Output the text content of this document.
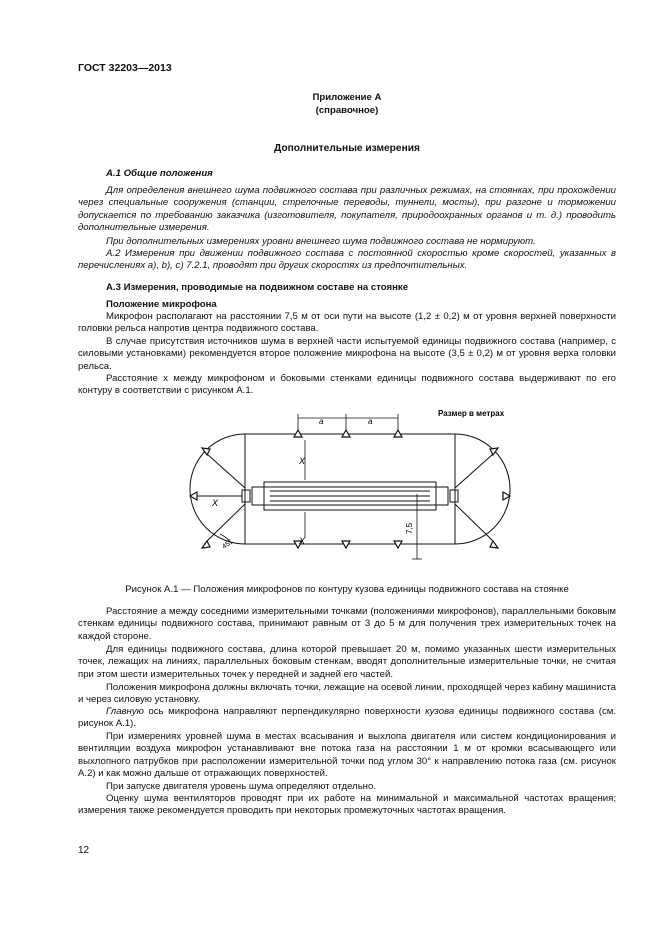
ГОСТ 32203—2013
Приложение А
(справочное)
Дополнительные измерения
А.1 Общие положения

Для определения внешнего шума подвижного состава при различных режимах, на стоянках, при прохождении через специальные сооружения (станции, стрелочные переводы, туннели, мосты), при разгоне и торможении допускается по требованию заказчика (изготовителя, покупателя, природоохранных органов и т. д.) проводить дополнительные измерения.

При дополнительных измерениях уровни внешнего шума подвижного состава не нормируют.

А.2 Измерения при движении подвижного состава с постоянной скоростью кроме скоростей, указанных в перечислениях а), b), с) 7.2.1, проводят при других скоростях из предпочтительных.

А.3 Измерения, проводимые на подвижном составе на стоянке
Положение микрофона

Микрофон располагают на расстоянии 7,5 м от оси пути на высоте (1,2 ± 0,2) м от уровня верхней поверхности головки рельса напротив центра подвижного состава.

В случае присутствия источников шума в верхней части испытуемой единицы подвижного состава (например, с силовыми установками) рекомендуется второе положение микрофона на высоте (3,5 ± 0,2) м от уровня верха головки рельса.

Расстояние х между микрофоном и боковыми стенками единицы подвижного состава выдерживают по его контуру в соответствии с рисунком А.1.

Размер в метрах
a	a
X
X
X
7,5
45°
Рисунок А.1 — Положения микрофонов по контуру кузова единицы подвижного состава на стоянке

Расстояние а между соседними измерительными точками (положениями микрофонов), параллельными боковым стенкам единицы подвижного состава, принимают равным от 3 до 5 м для получения трех измерительных точек на каждой стороне.

Для единицы подвижного состава, длина которой превышает 20 м, помимо указанных шести измерительных точек, лежащих на линиях, параллельных боковым стенкам, вводят дополнительные измерительные точки, не считая при этом шести измерительных точек у передней и задней его частей.

Положения микрофона должны включать точки, лежащие на осевой линии, проходящей через кабину машиниста и через силовую установку.

Главную ось микрофона направляют перпендикулярно поверхности кузова единицы подвижного состава (см. рисунок А.1).

При измерениях уровней шума в местах всасывания и выхлопа двигателя или систем кондиционирования и вентиляции воздуха микрофон устанавливают вне потока газа на расстоянии 1 м от кромки всасывающего или выхлопного патрубков при расположении измерительной точки под углом 30° к направлению потока газа (см. рисунок А.2) и как можно дальше от отражающих поверхностей.

При запуске двигателя уровень шума определяют отдельно.

Оценку шума вентиляторов проводят при их работе на минимальной и максимальной частотах вращения; измерения также рекомендуется проводить при некоторых промежуточных частотах вращения.

12
